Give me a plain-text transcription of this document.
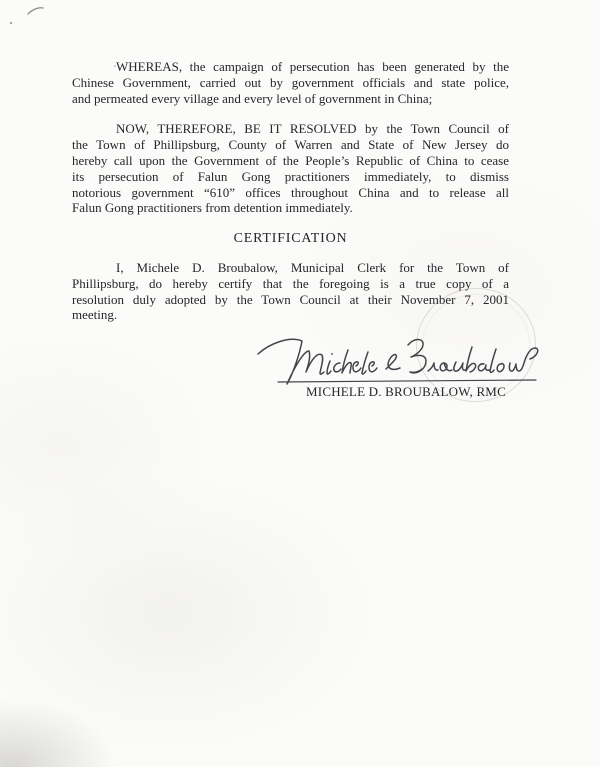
WHEREAS, the campaign of persecution has been generated by the
Chinese Government, carried out by government officials and state police,
and permeated every village and every level of government in China;
NOW, THEREFORE, BE IT RESOLVED by the Town Council of
the Town of Phillipsburg, County of Warren and State of New Jersey do
hereby call upon the Government of the People’s Republic of China to cease
its persecution of Falun Gong practitioners immediately, to dismiss
notorious government “610” offices throughout China and to release all
Falun Gong practitioners from detention immediately.
CERTIFICATION
I, Michele D. Broubalow, Municipal Clerk for the Town of
Phillipsburg, do hereby certify that the foregoing is a true copy of a
resolution duly adopted by the Town Council at their November 7, 2001
meeting.
MICHELE D. BROUBALOW, RMC
